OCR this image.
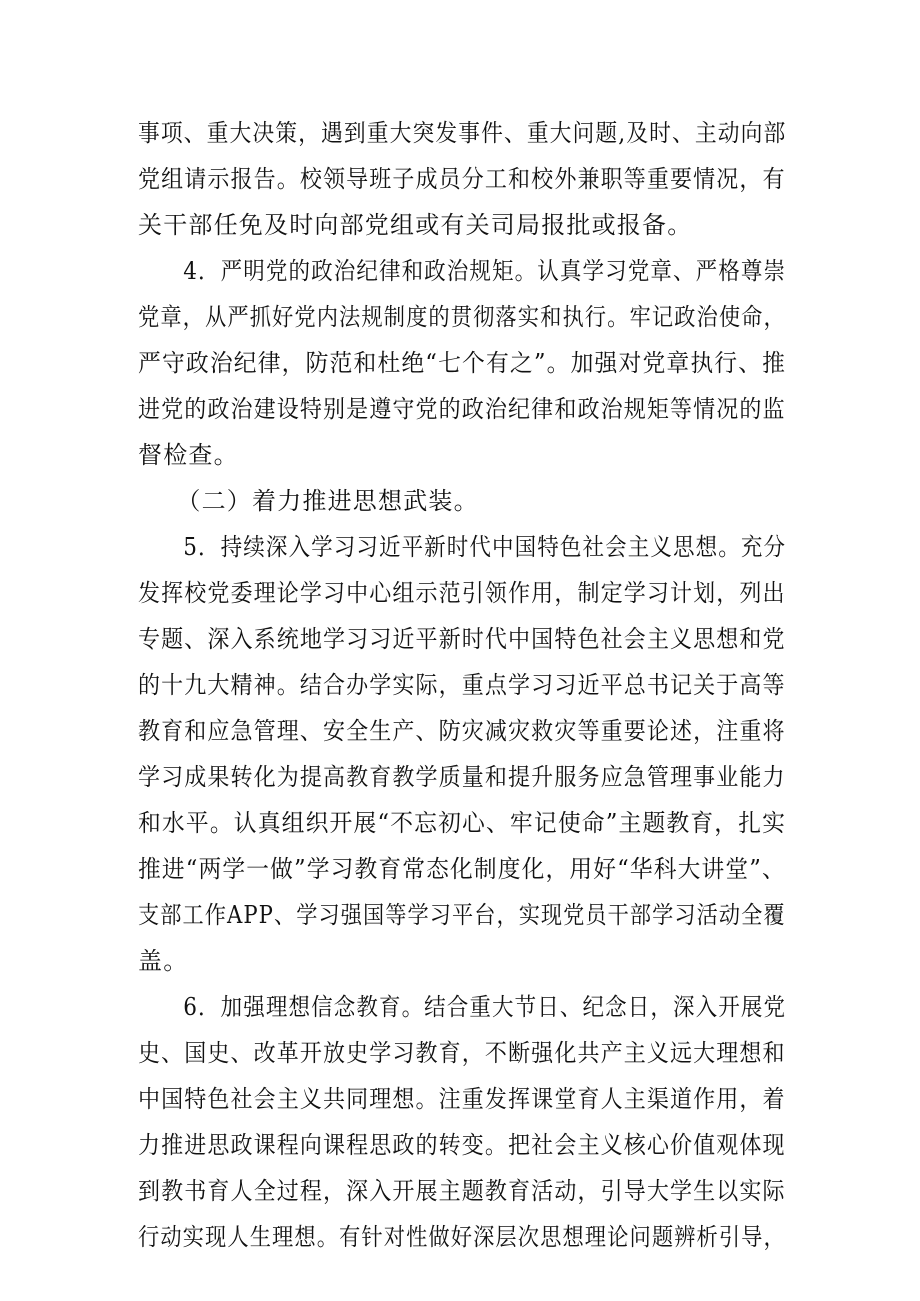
事项、重大决策，遇到重大突发事件、重大问题,及时、主动向部
党组请示报告。校领导班子成员分工和校外兼职等重要情况，有
关干部任免及时向部党组或有关司局报批或报备。
　　4．严明党的政治纪律和政治规矩。认真学习党章、严格尊崇
党章，从严抓好党内法规制度的贯彻落实和执行。牢记政治使命，
严守政治纪律，防范和杜绝“七个有之”。加强对党章执行、推
进党的政治建设特别是遵守党的政治纪律和政治规矩等情况的监
督检查。
　　（二）着力推进思想武装。
　　5．持续深入学习习近平新时代中国特色社会主义思想。充分
发挥校党委理论学习中心组示范引领作用，制定学习计划，列出
专题、深入系统地学习习近平新时代中国特色社会主义思想和党
的十九大精神。结合办学实际，重点学习习近平总书记关于高等
教育和应急管理、安全生产、防灾减灾救灾等重要论述，注重将
学习成果转化为提高教育教学质量和提升服务应急管理事业能力
和水平。认真组织开展“不忘初心、牢记使命”主题教育，扎实
推进“两学一做”学习教育常态化制度化，用好“华科大讲堂”、
支部工作APP、学习强国等学习平台，实现党员干部学习活动全覆
盖。
　　6．加强理想信念教育。结合重大节日、纪念日，深入开展党
史、国史、改革开放史学习教育，不断强化共产主义远大理想和
中国特色社会主义共同理想。注重发挥课堂育人主渠道作用，着
力推进思政课程向课程思政的转变。把社会主义核心价值观体现
到教书育人全过程，深入开展主题教育活动，引导大学生以实际
行动实现人生理想。有针对性做好深层次思想理论问题辨析引导，
